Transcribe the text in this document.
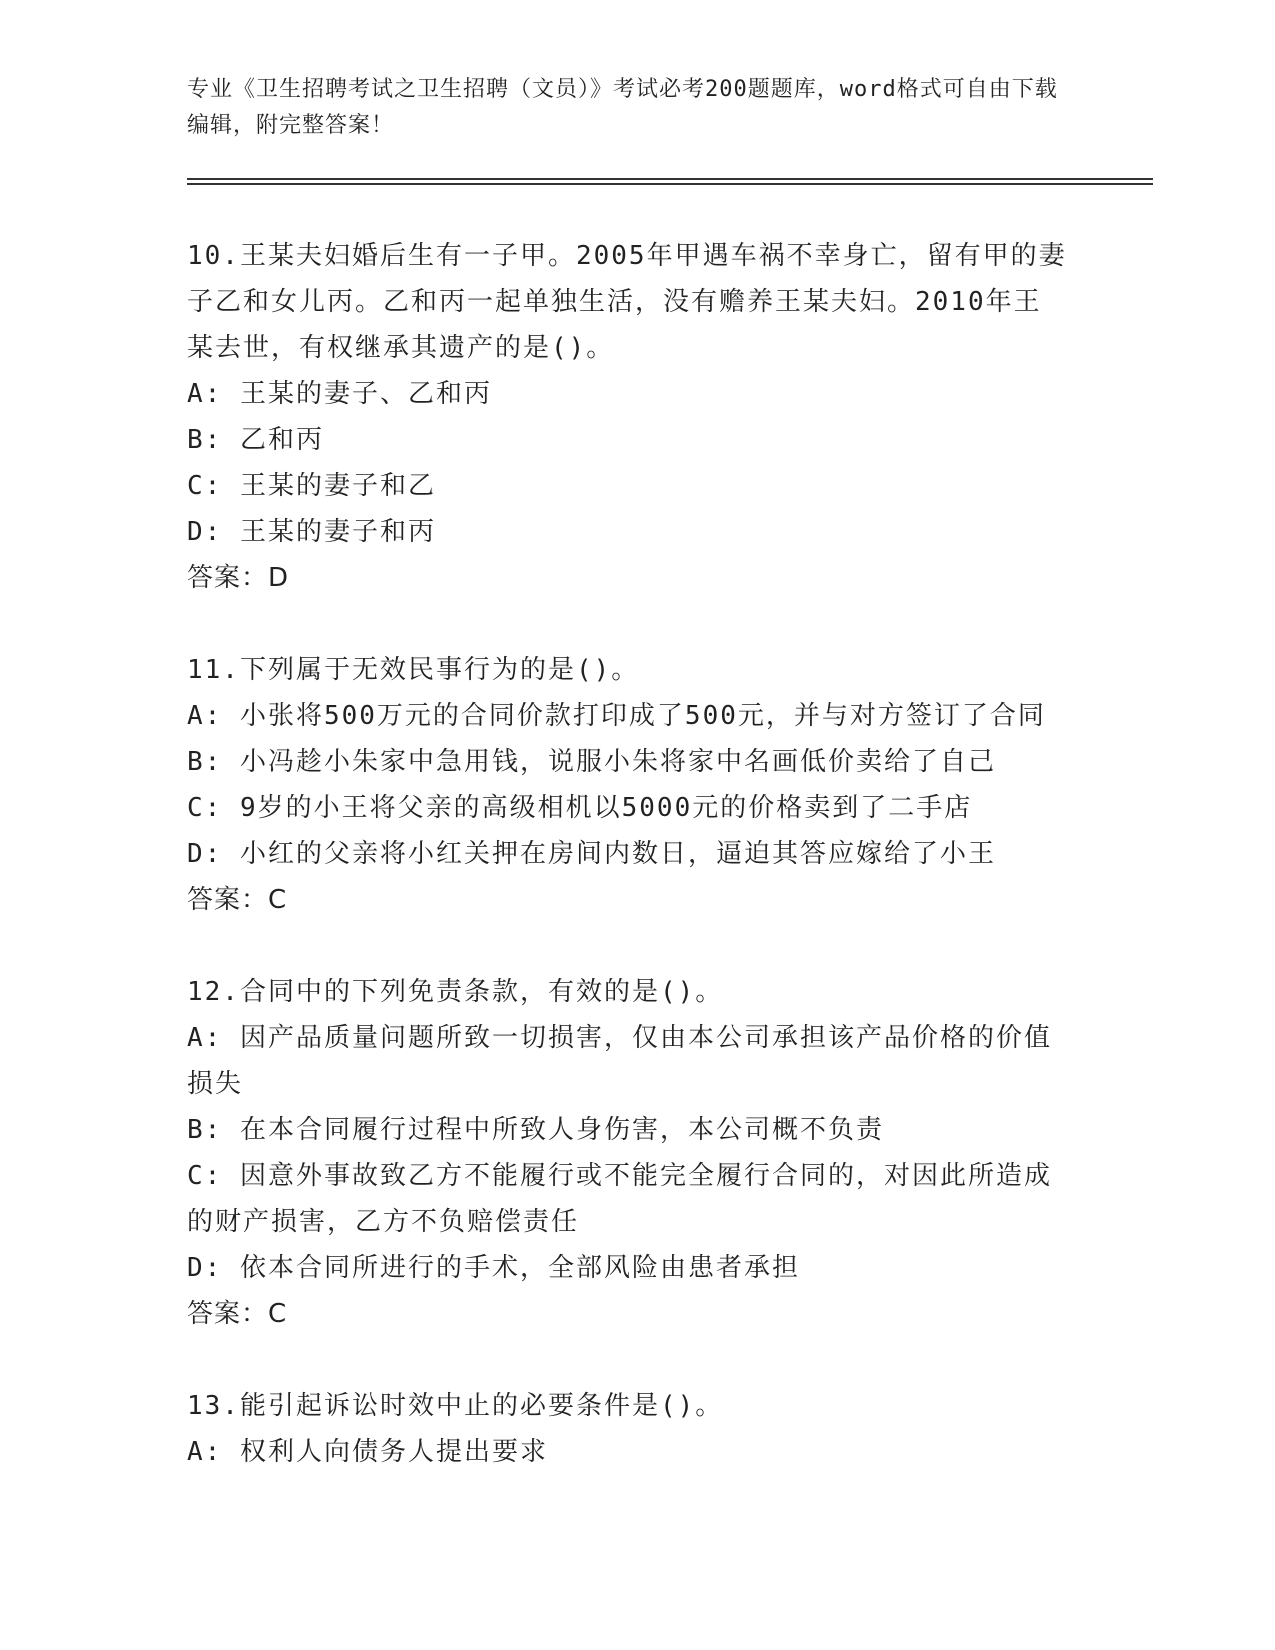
专业《卫生招聘考试之卫生招聘（文员）》考试必考200题题库，word格式可自由下载编辑，附完整答案！
10.王某夫妇婚后生有一子甲。2005年甲遇车祸不幸身亡，留有甲的妻
子乙和女儿丙。乙和丙一起单独生活，没有赡养王某夫妇。2010年王
某去世，有权继承其遗产的是()。
A: 王某的妻子、乙和丙
B: 乙和丙
C: 王某的妻子和乙
D: 王某的妻子和丙
答案：D
11.下列属于无效民事行为的是()。
A: 小张将500万元的合同价款打印成了500元，并与对方签订了合同
B: 小冯趁小朱家中急用钱，说服小朱将家中名画低价卖给了自己
C: 9岁的小王将父亲的高级相机以5000元的价格卖到了二手店
D: 小红的父亲将小红关押在房间内数日，逼迫其答应嫁给了小王
答案：C
12.合同中的下列免责条款，有效的是()。
A: 因产品质量问题所致一切损害，仅由本公司承担该产品价格的价值
损失
B: 在本合同履行过程中所致人身伤害，本公司概不负责
C: 因意外事故致乙方不能履行或不能完全履行合同的，对因此所造成
的财产损害，乙方不负赔偿责任
D: 依本合同所进行的手术，全部风险由患者承担
答案：C
13.能引起诉讼时效中止的必要条件是()。
A: 权利人向债务人提出要求
